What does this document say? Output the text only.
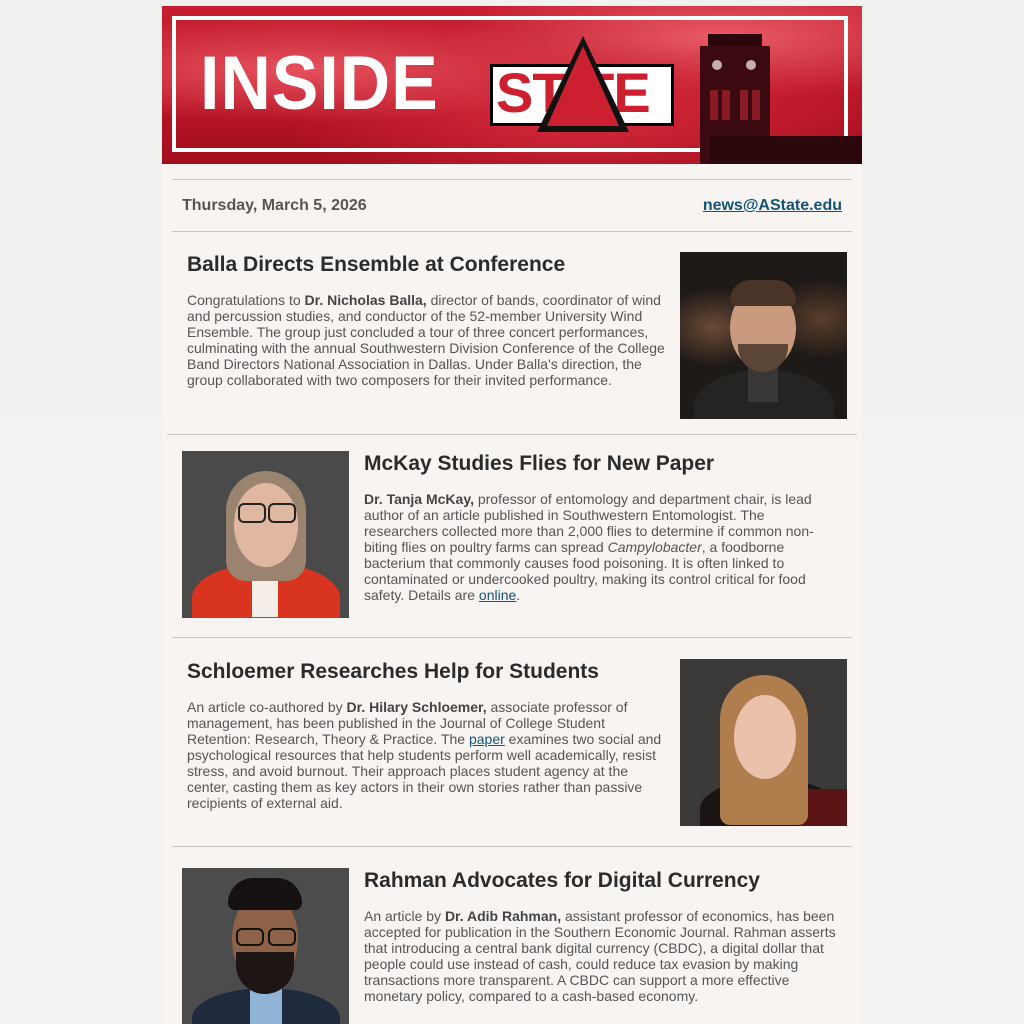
INSIDE ST TE
Thursday, March 5, 2026	news@AState.edu
Balla Directs Ensemble at Conference

Congratulations to Dr. Nicholas Balla, director of bands, coordinator of wind and percussion studies, and conductor of the 52-member University Wind Ensemble. The group just concluded a tour of three concert performances, culminating with the annual Southwestern Division Conference of the College Band Directors National Association in Dallas. Under Balla's direction, the group collaborated with two composers for their invited performance.

McKay Studies Flies for New Paper

Dr. Tanja McKay, professor of entomology and department chair, is lead author of an article published in Southwestern Entomologist. The researchers collected more than 2,000 flies to determine if common non-biting flies on poultry farms can spread Campylobacter, a foodborne bacterium that commonly causes food poisoning. It is often linked to contaminated or undercooked poultry, making its control critical for food safety. Details are online.

Schloemer Researches Help for Students

An article co-authored by Dr. Hilary Schloemer, associate professor of management, has been published in the Journal of College Student Retention: Research, Theory & Practice. The paper examines two social and psychological resources that help students perform well academically, resist stress, and avoid burnout. Their approach places student agency at the center, casting them as key actors in their own stories rather than passive recipients of external aid.

Rahman Advocates for Digital Currency

An article by Dr. Adib Rahman, assistant professor of economics, has been accepted for publication in the Southern Economic Journal. Rahman asserts that introducing a central bank digital currency (CBDC), a digital dollar that people could use instead of cash, could reduce tax evasion by making transactions more transparent. A CBDC can support a more effective monetary policy, compared to a cash-based economy.
